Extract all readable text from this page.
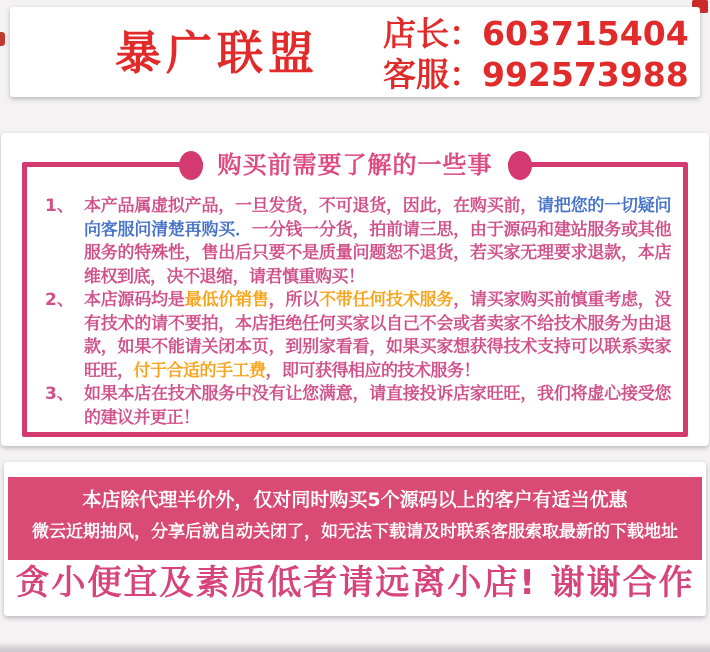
暴广联盟 店长：603715404
客服：992573988
购买前需要了解的一些事
1、 本产品属虚拟产品，一旦发货，不可退货，因此，在购买前，请把您的一切疑问向客服问清楚再购买．一分钱一分货，拍前请三思，由于源码和建站服务或其他服务的特殊性，售出后只要不是质量问题恕不退货，若买家无理要求退款，本店维权到底，决不退缩，请君慎重购买！

2、 本店源码均是最低价销售，所以不带任何技术服务，请买家购买前慎重考虑，没有技术的请不要拍，本店拒绝任何买家以自己不会或者卖家不给技术服务为由退款，如果不能请关闭本页，到别家看看，如果买家想获得技术支持可以联系卖家旺旺，付于合适的手工费，即可获得相应的技术服务！

3、 如果本店在技术服务中没有让您满意，请直接投诉店家旺旺，我们将虚心接受您的建议并更正！

本店除代理半价外，仅对同时购买5个源码以上的客户有适当优惠
微云近期抽风，分享后就自动关闭了，如无法下载请及时联系客服索取最新的下载地址
贪小便宜及素质低者请远离小店! 谢谢合作
